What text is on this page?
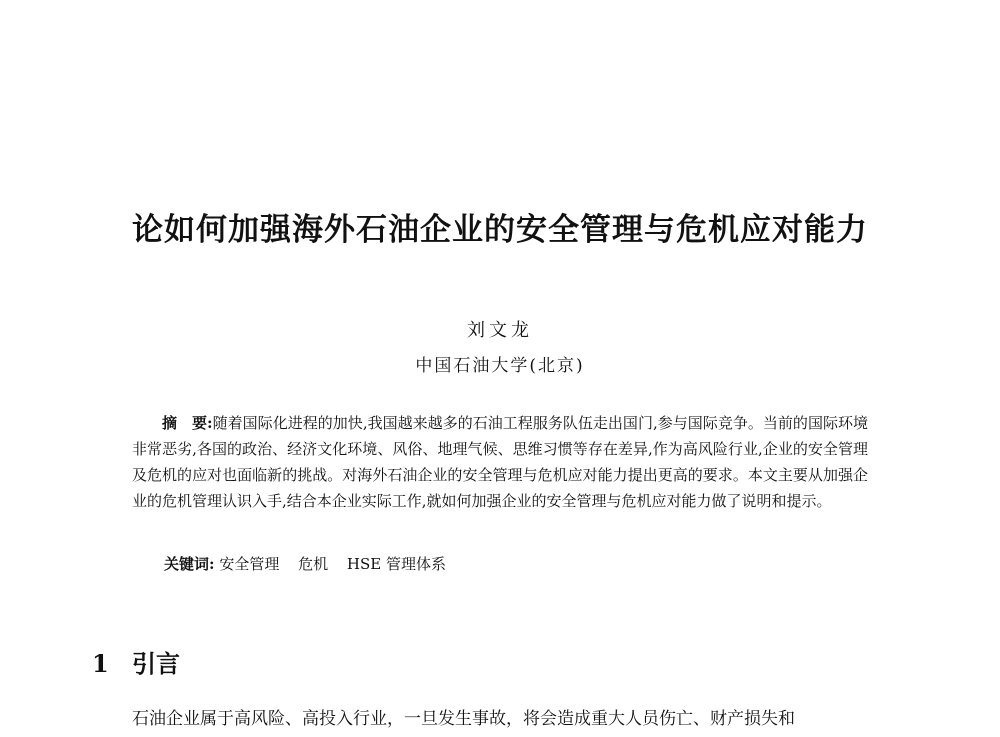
论如何加强海外石油企业的安全管理与危机应对能力
刘文龙
中国石油大学(北京)
摘　要:随着国际化进程的加快,我国越来越多的石油工程服务队伍走出国门,参与国际竞争。当前的国际环境非常恶劣,各国的政治、经济文化环境、风俗、地理气候、思维习惯等存在差异,作为高风险行业,企业的安全管理及危机的应对也面临新的挑战。对海外石油企业的安全管理与危机应对能力提出更高的要求。本文主要从加强企业的危机管理认识入手,结合本企业实际工作,就如何加强企业的安全管理与危机应对能力做了说明和提示。
关键词: 安全管理 危机 HSE 管理体系
1 引言
石油企业属于高风险、高投入行业，一旦发生事故，将会造成重大人员伤亡、财产损失和
